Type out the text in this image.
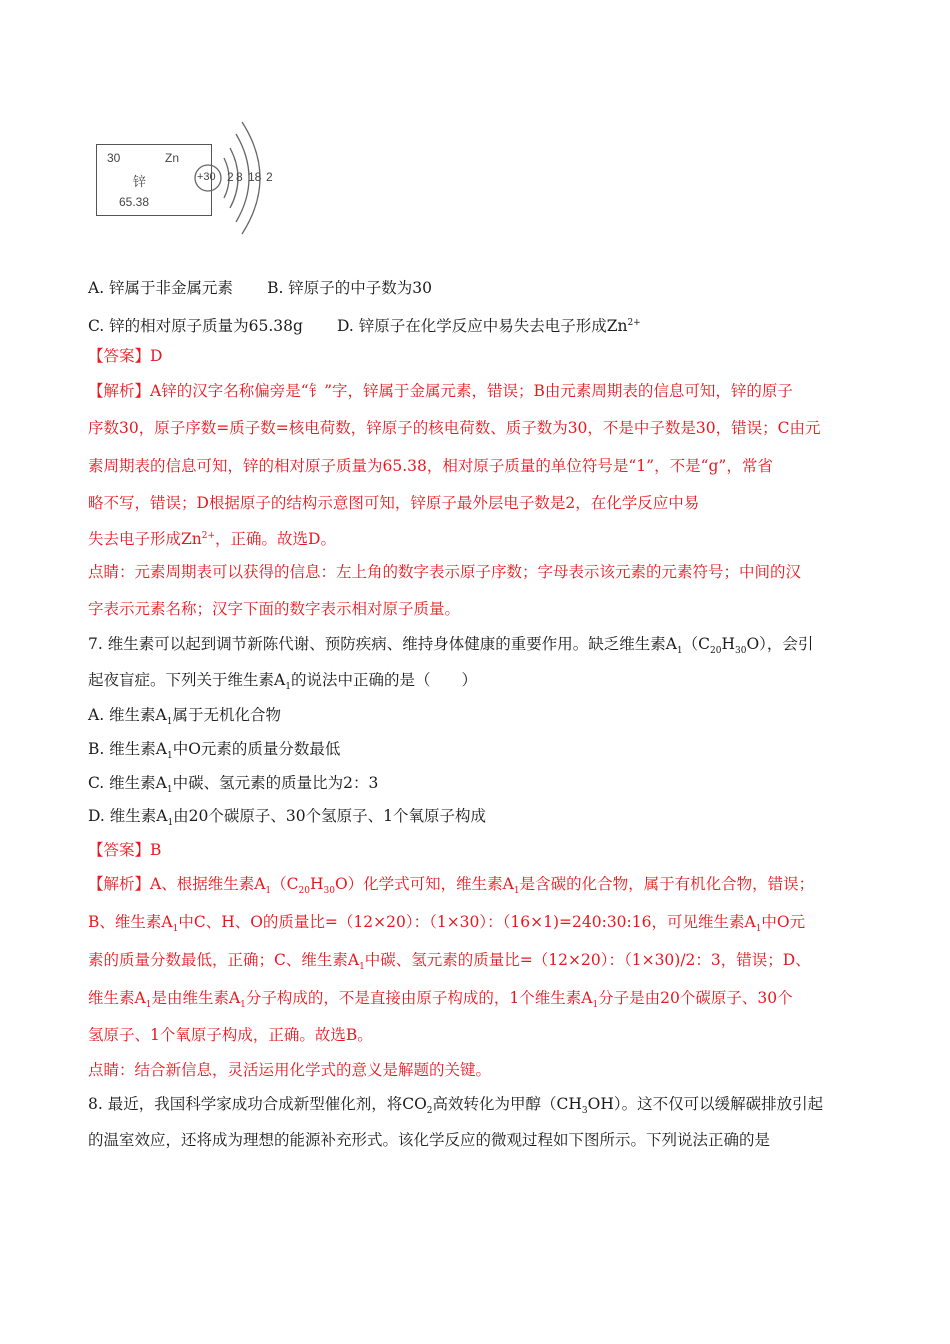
30	Zn
锌
65.38
+30 2 8 18 2
A. 锌属于非金属元素 B. 锌原子的中子数为30
C. 锌的相对原子质量为65.38g D. 锌原子在化学反应中易失去电子形成$Zn^{2+}$
【答案】D
【解析】A锌的汉字名称偏旁是“钅”字，锌属于金属元素，错误；B由元素周期表的信息可知，锌的原子
序数30，原子序数=质子数=核电荷数，锌原子的核电荷数、质子数为30，不是中子数是30，错误；C由元
素周期表的信息可知，锌的相对原子质量为65.38，相对原子质量的单位符号是“1”，不是“g”，常省
略不写，错误；D根据原子的结构示意图可知，锌原子最外层电子数是2，在化学反应中易
失去电子形成$Zn^{2+}$，正确。故选D。
点睛：元素周期表可以获得的信息：左上角的数字表示原子序数；字母表示该元素的元素符号；中间的汉
字表示元素名称；汉字下面的数字表示相对原子质量。
7. 维生素可以起到调节新陈代谢、预防疾病、维持身体健康的重要作用。缺乏维生素$A_1(C_{20}H_{30}O)$，会引
起夜盲症。下列关于维生素$A_1$的说法中正确的是（　　）
A. 维生素$A_1$属于无机化合物
B. 维生素$A_1$中O元素的质量分数最低
C. 维生素$A_1$中碳、氢元素的质量比为2：3
D. 维生素$A_1$由20个碳原子、30个氢原子、1个氧原子构成
【答案】B
【解析】A、根据维生素$A_1(C_{20}H_{30}O)$化学式可知，维生素$A_1$是含碳的化合物，属于有机化合物，错误；
B、维生素$A_1$中C、H、O的质量比=（12×20）：（1×30）：（16×1)=240:30:16，可见维生素$A_1$中O元
素的质量分数最低，正确；C、维生素$A_1$中碳、氢元素的质量比=（12×20）：（1×30)/2：3，错误；D、
维生素$A_1$是由维生素$A_1$分子构成的，不是直接由原子构成的，1个维生素$A_1$分子是由20个碳原子、30个
氢原子、1个氧原子构成，正确。故选B。
点睛：结合新信息，灵活运用化学式的意义是解题的关键。
8. 最近，我国科学家成功合成新型催化剂，将$CO_2$高效转化为甲醇$(CH_3OH)$。这不仅可以缓解碳排放引起
的温室效应，还将成为理想的能源补充形式。该化学反应的微观过程如下图所示。下列说法正确的是
